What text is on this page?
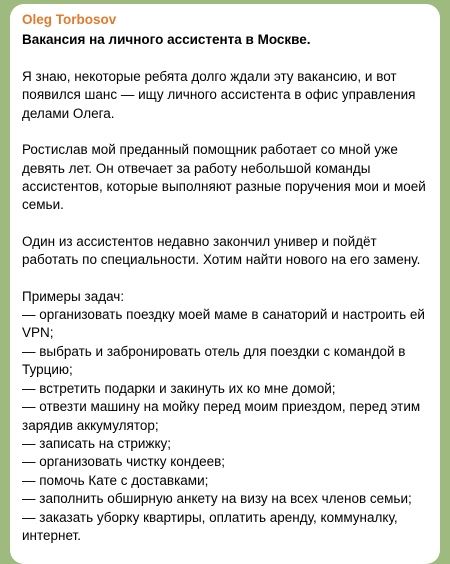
Oleg Torbosov
Вакансия на личного ассистента в Москве.
Я знаю, некоторые ребята долго ждали эту вакансию, и вот
появился шанс — ищу личного ассистента в офис управления
делами Олега.
Ростислав мой преданный помощник работает со мной уже
девять лет. Он отвечает за работу небольшой команды
ассистентов, которые выполняют разные поручения мои и моей
семьи.
Один из ассистентов недавно закончил универ и пойдёт
работать по специальности. Хотим найти нового на его замену.
Примеры задач:
— организовать поездку моей маме в санаторий и настроить ей
VPN;
— выбрать и забронировать отель для поездки с командой в
Турцию;
— встретить подарки и закинуть их ко мне домой;
— отвезти машину на мойку перед моим приездом, перед этим
зарядив аккумулятор;
— записать на стрижку;
— организовать чистку кондеев;
— помочь Кате с доставками;
— заполнить обширную анкету на визу на всех членов семьи;
— заказать уборку квартиры, оплатить аренду, коммуналку,
интернет.
